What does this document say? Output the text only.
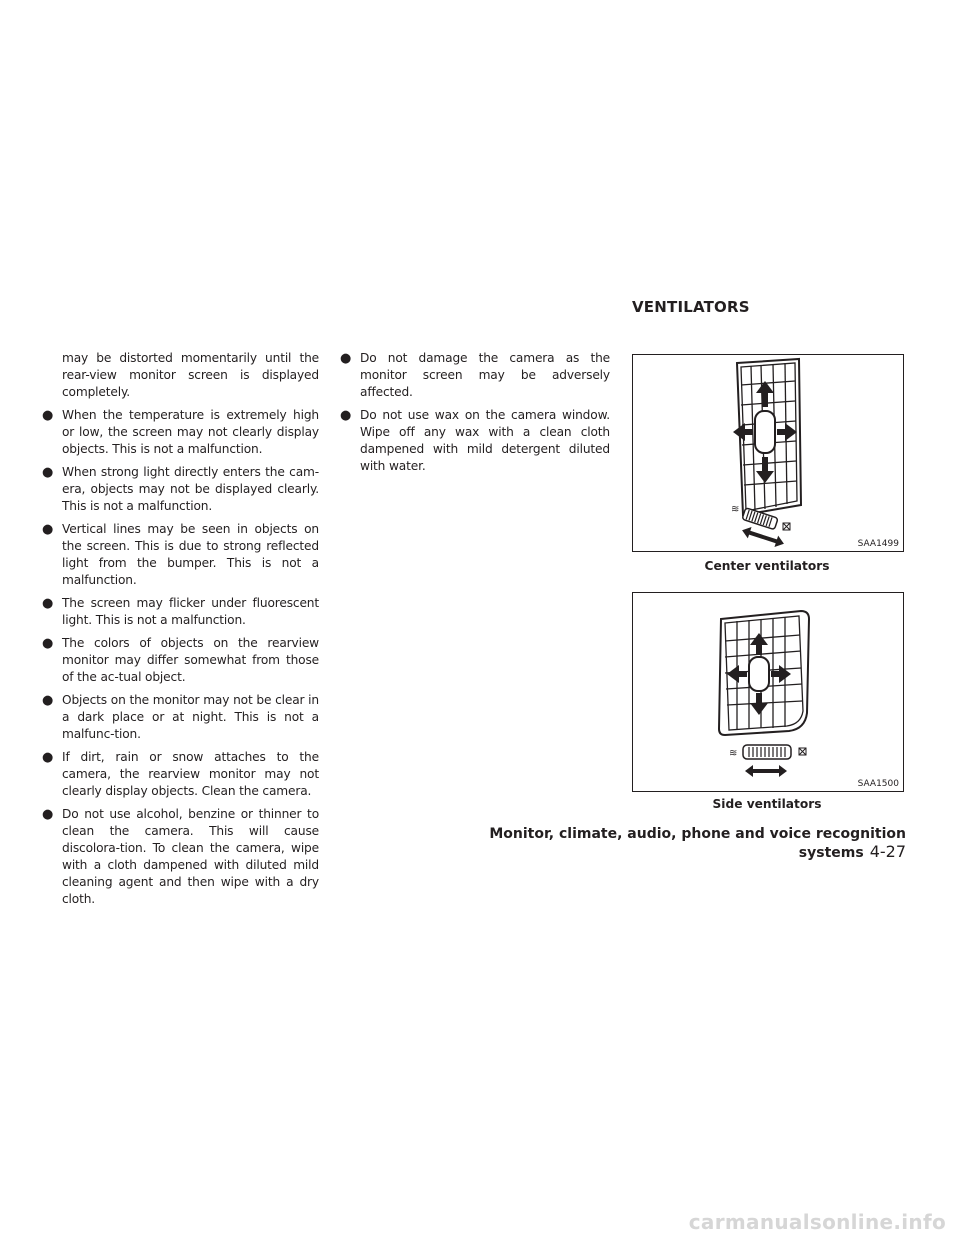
VENTILATORS
may be distorted momentarily until the rear-view monitor screen is displayed completely.
● When the temperature is extremely high or low, the screen may not clearly display objects. This is not a malfunction.
● When strong light directly enters the cam-era, objects may not be displayed clearly. This is not a malfunction.
● Vertical lines may be seen in objects on the screen. This is due to strong reflected light from the bumper. This is not a malfunction.
● The screen may flicker under fluorescent light. This is not a malfunction.
● The colors of objects on the rearview monitor may differ somewhat from those of the ac-tual object.
● Objects on the monitor may not be clear in a dark place or at night. This is not a malfunc-tion.
● If dirt, rain or snow attaches to the camera, the rearview monitor may not clearly display objects. Clean the camera.
● Do not use alcohol, benzine or thinner to clean the camera. This will cause discolora-tion. To clean the camera, wipe with a cloth dampened with diluted mild cleaning agent and then wipe with a dry cloth.
● Do not damage the camera as the monitor screen may be adversely affected.
● Do not use wax on the camera window. Wipe off any wax with a clean cloth dampened with mild detergent diluted with water.
≋
SAA1499
Center ventilators
≋
SAA1500
Side ventilators
Monitor, climate, audio, phone and voice recognition systems 4-27
carmanualsonline.info
